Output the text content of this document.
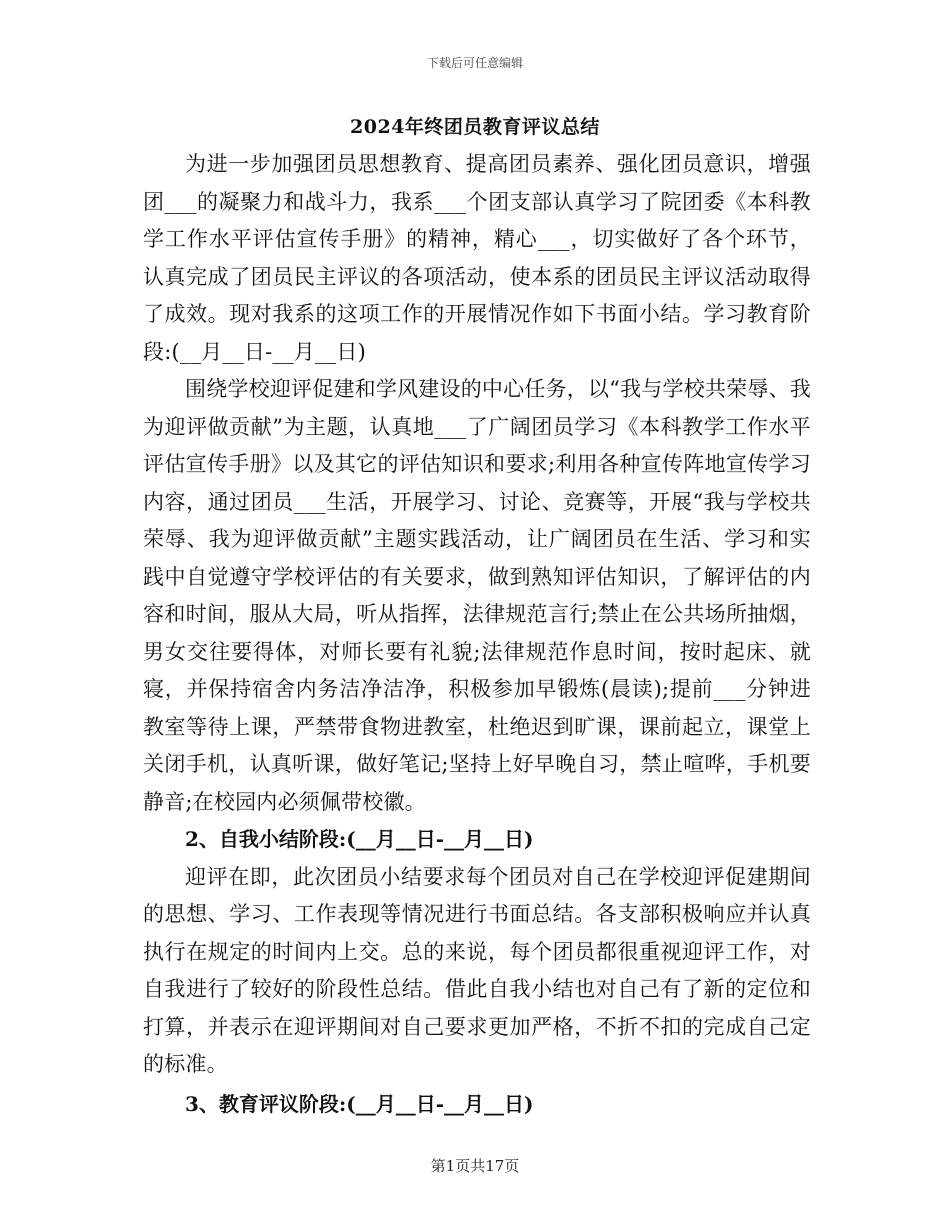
下载后可任意编辑
2024年终团员教育评议总结

为进一步加强团员思想教育、提高团员素养、强化团员意识，增强团___的凝聚力和战斗力，我系___个团支部认真学习了院团委《本科教学工作水平评估宣传手册》的精神，精心___，切实做好了各个环节，认真完成了团员民主评议的各项活动，使本系的团员民主评议活动取得了成效。现对我系的这项工作的开展情况作如下书面小结。学习教育阶段:(__月__日-__月__日)

围绕学校迎评促建和学风建设的中心任务，以“我与学校共荣辱、我为迎评做贡献”为主题，认真地___了广阔团员学习《本科教学工作水平评估宣传手册》以及其它的评估知识和要求;利用各种宣传阵地宣传学习内容，通过团员___生活，开展学习、讨论、竞赛等，开展“我与学校共荣辱、我为迎评做贡献”主题实践活动，让广阔团员在生活、学习和实践中自觉遵守学校评估的有关要求，做到熟知评估知识，了解评估的内容和时间，服从大局，听从指挥，法律规范言行;禁止在公共场所抽烟，男女交往要得体，对师长要有礼貌;法律规范作息时间，按时起床、就寝，并保持宿舍内务洁净洁净，积极参加早锻炼(晨读);提前___分钟进教室等待上课，严禁带食物进教室，杜绝迟到旷课，课前起立，课堂上关闭手机，认真听课，做好笔记;坚持上好早晚自习，禁止喧哗，手机要静音;在校园内必须佩带校徽。

2、自我小结阶段:(__月__日-__月__日)

迎评在即，此次团员小结要求每个团员对自己在学校迎评促建期间的思想、学习、工作表现等情况进行书面总结。各支部积极响应并认真执行在规定的时间内上交。总的来说，每个团员都很重视迎评工作，对自我进行了较好的阶段性总结。借此自我小结也对自己有了新的定位和打算，并表示在迎评期间对自己要求更加严格，不折不扣的完成自己定的标准。

3、教育评议阶段:(__月__日-__月__日)

第1页共17页
